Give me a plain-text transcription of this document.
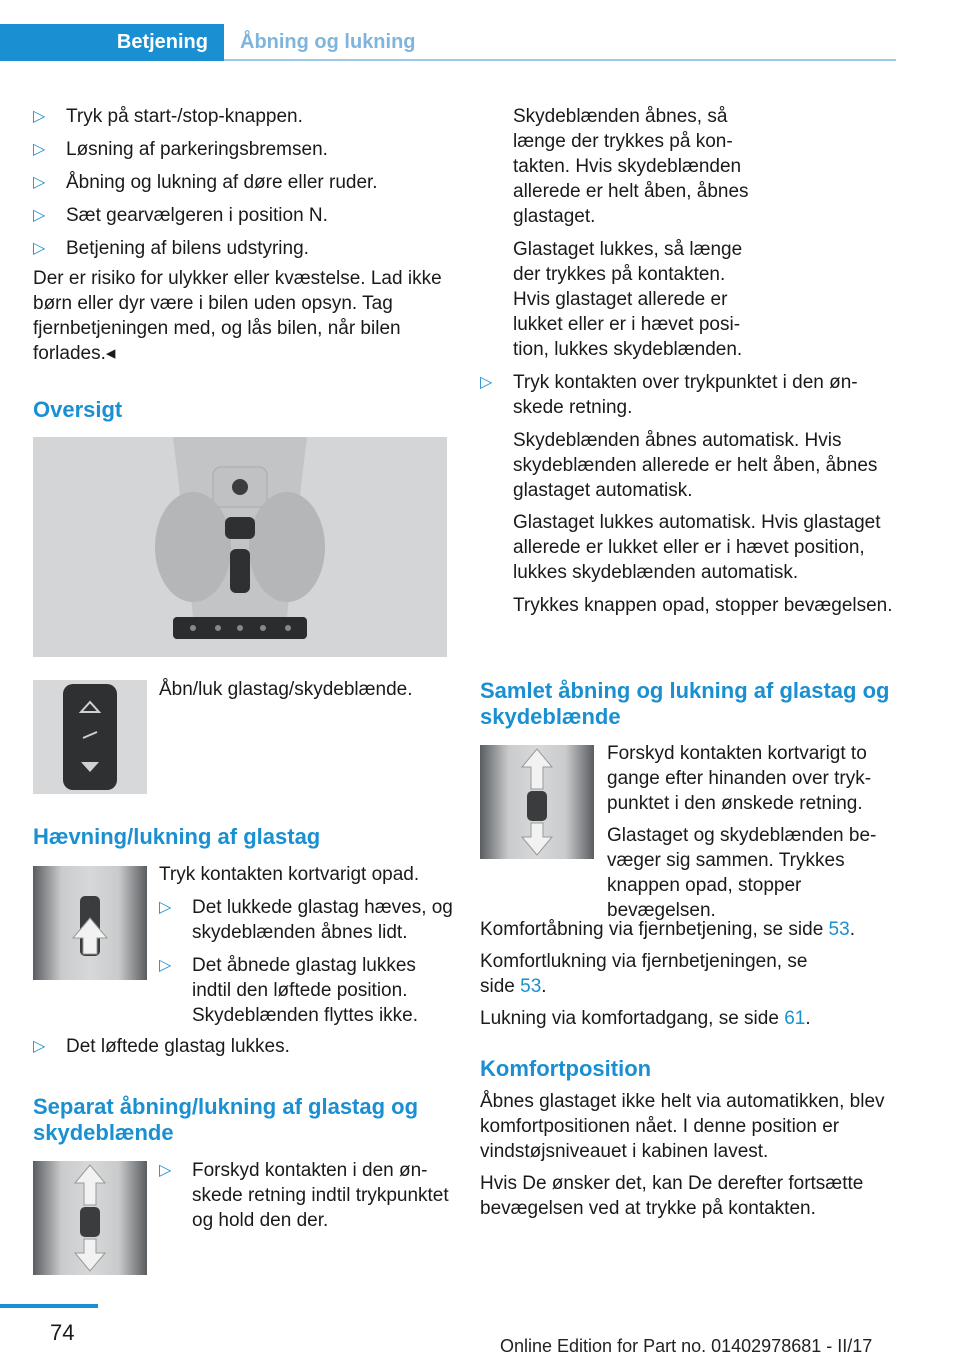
Betjening	Åbning og lukning
▷ Tryk på start-/stop-knappen.
▷ Løsning af parkeringsbremsen.
▷ Åbning og lukning af døre eller ruder.
▷ Sæt gearvælgeren i position N.
▷ Betjening af bilens udstyring.
Der er risiko for ulykker eller kvæstelse. Lad ikke børn eller dyr være i bilen uden opsyn. Tag fjernbetjeningen med, og lås bilen, når bilen forlades.◂
Oversigt
Åbn/luk glastag/skydeblænde.
Hævning/lukning af glastag
Tryk kontakten kortvarigt opad.
▷ Det lukkede glastag hæves, og skydeblænden åbnes lidt.
▷ Det åbnede glastag lukkes indtil den løftede position. Skydeblænden flyttes ikke.
▷ Det løftede glastag lukkes.
Separat åbning/lukning af glastag og skydeblænde
▷ Forskyd kontakten i den ønskede retning indtil trykpunktet og hold den der.
Skydeblænden åbnes, så længe der trykkes på kontakten. Hvis skydeblænden allerede er helt åben, åbnes glastaget.
Glastaget lukkes, så længe der trykkes på kontakten. Hvis glastaget allerede er lukket eller er i hævet position, lukkes skydeblænden.
▷ Tryk kontakten over trykpunktet i den ønskede retning.
Skydeblænden åbnes automatisk. Hvis skydeblænden allerede er helt åben, åbnes glastaget automatisk.
Glastaget lukkes automatisk. Hvis glastaget allerede er lukket eller er i hævet position, lukkes skydeblænden automatisk.
Trykkes knappen opad, stopper bevægelsen.
Samlet åbning og lukning af glastag og skydeblænde
Forskyd kontakten kortvarigt to gange efter hinanden over trykpunktet i den ønskede retning.
Glastaget og skydeblænden bevæger sig sammen. Trykkes knappen opad, stopper bevægelsen.
Komfortåbning via fjernbetjening, se side 53.
Komfortlukning via fjernbetjeningen, se side 53.
Lukning via komfortadgang, se side 61.
Komfortposition
Åbnes glastaget ikke helt via automatikken, blev komfortpositionen nået. I denne position er vindstøjsniveauet i kabinen lavest.
Hvis De ønsker det, kan De derefter fortsætte bevægelsen ved at trykke på kontakten.
74
Online Edition for Part no. 01402978681 - II/17
